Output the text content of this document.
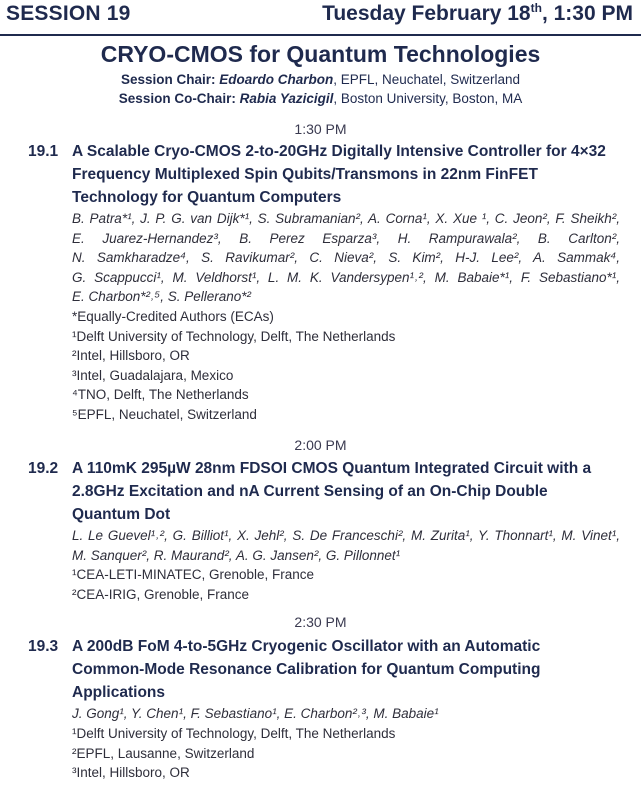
SESSION 19	Tuesday February 18th, 1:30 PM
CRYO-CMOS for Quantum Technologies
Session Chair: Edoardo Charbon, EPFL, Neuchatel, Switzerland
Session Co-Chair: Rabia Yazicigil, Boston University, Boston, MA
1:30 PM
19.1 A Scalable Cryo-CMOS 2-to-20GHz Digitally Intensive Controller for 4×32
Frequency Multiplexed Spin Qubits/Transmons in 22nm FinFET
Technology for Quantum Computers
B. Patra*¹, J. P. G. van Dijk*¹, S. Subramanian², A. Corna¹, X. Xue ¹, C. Jeon², F. Sheikh²,
E. Juarez-Hernandez³, B. Perez Esparza³, H. Rampurawala², B. Carlton²,
N. Samkharadze⁴, S. Ravikumar², C. Nieva², S. Kim², H-J. Lee², A. Sammak⁴,
G. Scappucci¹, M. Veldhorst¹, L. M. K. Vandersypen¹˒², M. Babaie*¹, F. Sebastiano*¹,
E. Charbon*²˒⁵, S. Pellerano*²
*Equally-Credited Authors (ECAs)
¹Delft University of Technology, Delft, The Netherlands
²Intel, Hillsboro, OR
³Intel, Guadalajara, Mexico
⁴TNO, Delft, The Netherlands
⁵EPFL, Neuchatel, Switzerland
2:00 PM
19.2 A 110mK 295µW 28nm FDSOI CMOS Quantum Integrated Circuit with a
2.8GHz Excitation and nA Current Sensing of an On-Chip Double
Quantum Dot
L. Le Guevel¹˒², G. Billiot¹, X. Jehl², S. De Franceschi², M. Zurita¹, Y. Thonnart¹, M. Vinet¹,
M. Sanquer², R. Maurand², A. G. Jansen², G. Pillonnet¹
¹CEA-LETI-MINATEC, Grenoble, France
²CEA-IRIG, Grenoble, France
2:30 PM
19.3 A 200dB FoM 4-to-5GHz Cryogenic Oscillator with an Automatic
Common-Mode Resonance Calibration for Quantum Computing
Applications
J. Gong¹, Y. Chen¹, F. Sebastiano¹, E. Charbon²˒³, M. Babaie¹
¹Delft University of Technology, Delft, The Netherlands
²EPFL, Lausanne, Switzerland
³Intel, Hillsboro, OR
